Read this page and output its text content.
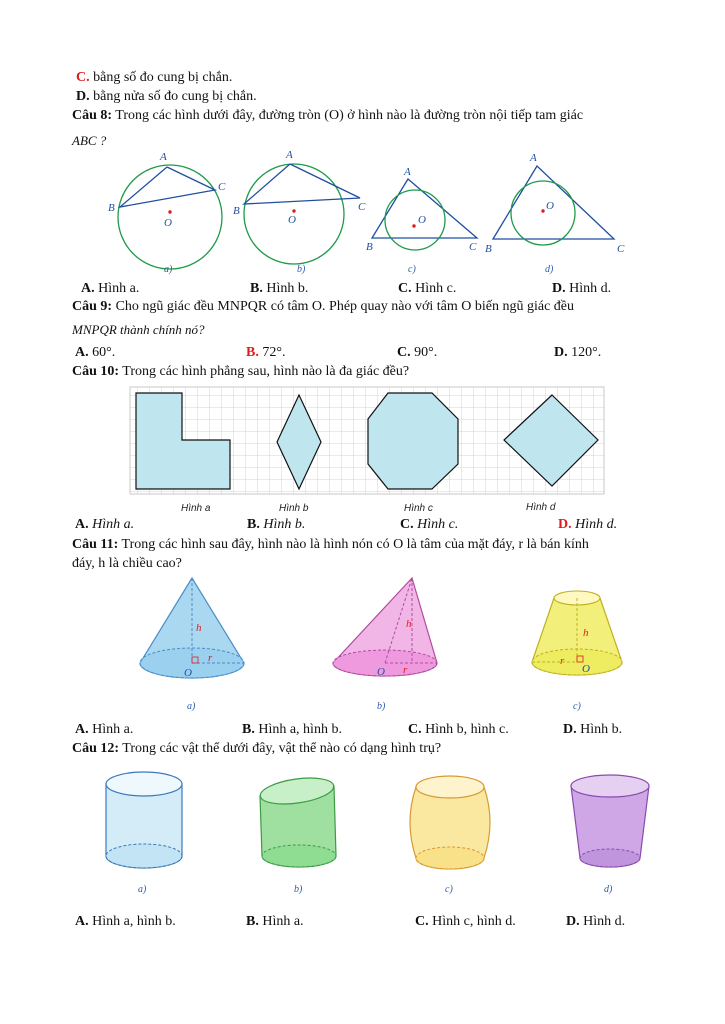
C. bằng số đo cung bị chắn.
D. bằng nửa số đo cung bị chắn.
Câu 8: Trong các hình dưới đây, đường tròn (O) ở hình nào là đường tròn nội tiếp tam giác
ABC ?
A
B
C
O
a)
A
B	C
O
b)
A
B	C
O
c)
A
B	C
O
d)
A. Hình a.	B. Hình b.	C. Hình c.	D. Hình d.
Câu 9: Cho ngũ giác đều MNPQR có tâm O. Phép quay nào với tâm O biến ngũ giác đều
MNPQR thành chính nó?
A. 60°.	B. 72°.	C. 90°.	D. 120°.
Câu 10: Trong các hình phẳng sau, hình nào là đa giác đều?
Hình a	Hình b	Hình c	Hình d
A. Hình a.	B. Hình b.	C. Hình c.	D. Hình d.
Câu 11: Trong các hình sau đây, hình nào là hình nón có O là tâm của mặt đáy, r là bán kính
đáy, h là chiều cao?
h
r
O
a)
h
r
O
b)
h
r
O
c)
A. Hình a.	B. Hình a, hình b.	C. Hình b, hình c.	D. Hình b.
Câu 12: Trong các vật thể dưới đây, vật thể nào có dạng hình trụ?
a)	b)	c)	d)
A. Hình a, hình b.	B. Hình a.	C. Hình c, hình d.	D. Hình d.
